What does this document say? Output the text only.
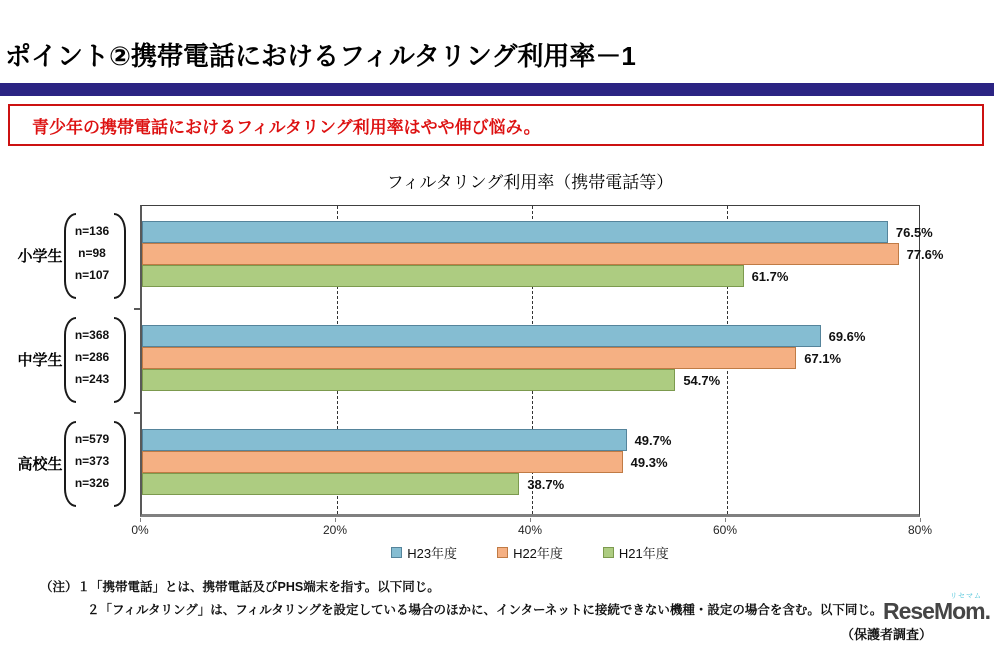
ポイント②携帯電話におけるフィルタリング利用率－1
青少年の携帯電話におけるフィルタリング利用率はやや伸び悩み。
フィルタリング利用率（携帯電話等）
76.5%
77.6%
61.7%
69.6%
67.1%
54.7%
49.7%
49.3%
38.7%
小学生
n=136
n=98
n=107
中学生
n=368
n=286
n=243
高校生
n=579
n=373
n=326
H23年度	H22年度	H21年度
（注）１「携帯電話」とは、携帯電話及びPHS端末を指す。以下同じ。
２「フィルタリング」は、フィルタリングを設定している場合のほかに、インターネットに接続できない機種・設定の場合を含む。以下同じ。
（保護者調査）
リセマム
ReseMom.
0%	20%	40%	60%	80%
